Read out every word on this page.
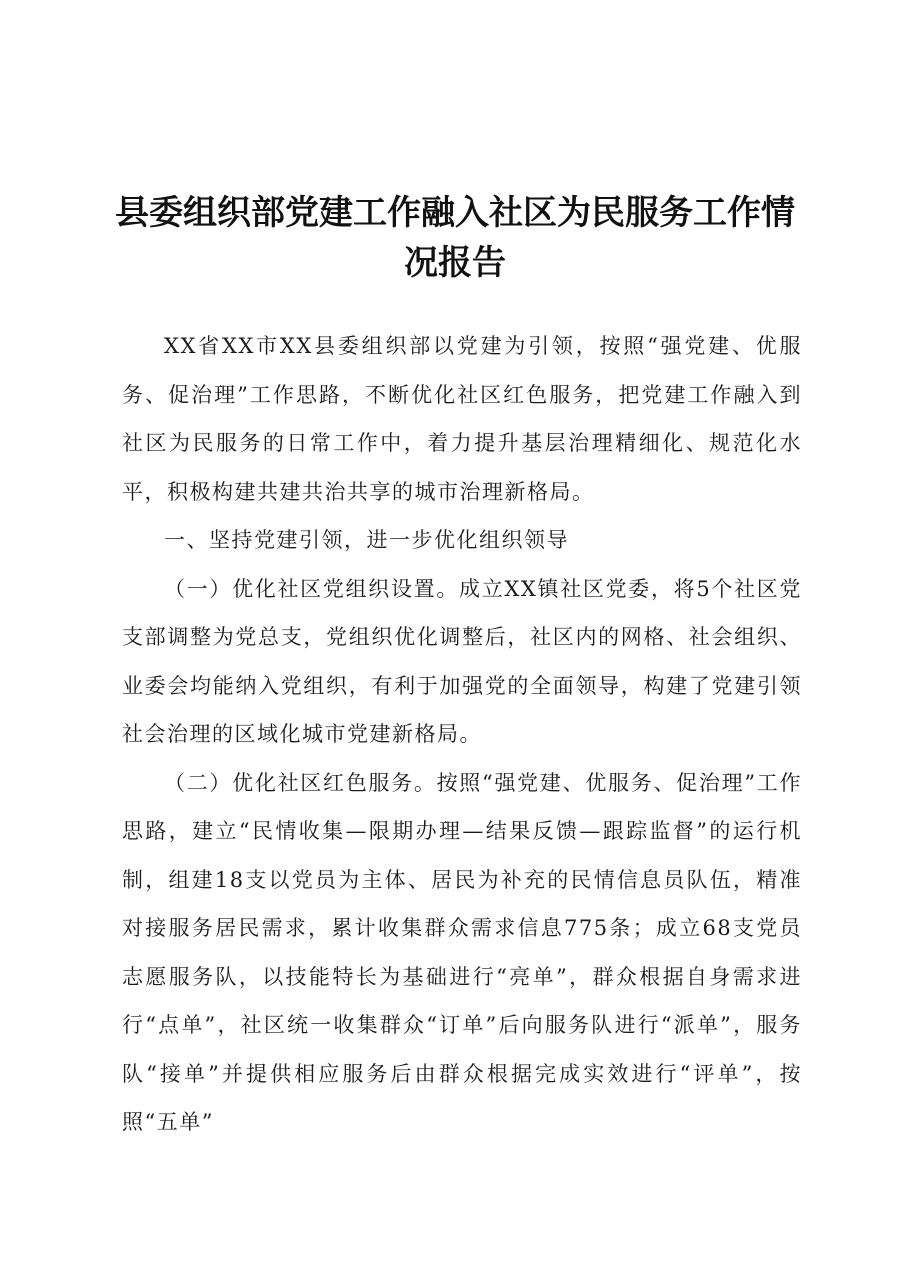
县委组织部党建工作融入社区为民服务工作情况报告

XX省XX市XX县委组织部以党建为引领，按照“强党建、优服务、促治理”工作思路，不断优化社区红色服务，把党建工作融入到社区为民服务的日常工作中，着力提升基层治理精细化、规范化水平，积极构建共建共治共享的城市治理新格局。

一、坚持党建引领，进一步优化组织领导

（一）优化社区党组织设置。成立XX镇社区党委，将5个社区党支部调整为党总支，党组织优化调整后，社区内的网格、社会组织、业委会均能纳入党组织，有利于加强党的全面领导，构建了党建引领社会治理的区域化城市党建新格局。

（二）优化社区红色服务。按照“强党建、优服务、促治理”工作思路，建立“民情收集—限期办理—结果反馈—跟踪监督”的运行机制，组建18支以党员为主体、居民为补充的民情信息员队伍，精准对接服务居民需求，累计收集群众需求信息775条；成立68支党员志愿服务队，以技能特长为基础进行“亮单”，群众根据自身需求进行“点单”，社区统一收集群众“订单”后向服务队进行“派单”，服务队“接单”并提供相应服务后由群众根据完成实效进行“评单”，按照“五单”
